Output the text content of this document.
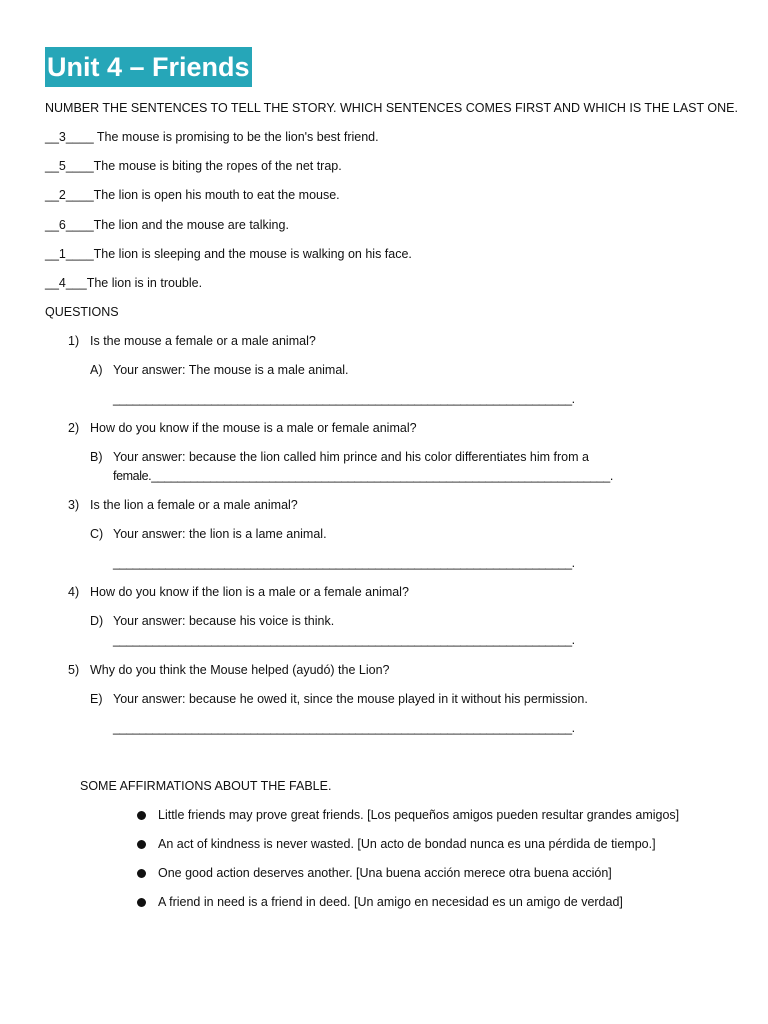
Unit 4 – Friends
NUMBER THE SENTENCES TO TELL THE STORY. WHICH SENTENCES COMES FIRST AND WHICH IS THE LAST ONE.
__3____ The mouse is promising to be the lion's best friend.
__5____The mouse is biting the ropes of the net trap.
__2____The lion is open his mouth to eat the mouse.
__6____The lion and the mouse are talking.
__1____The lion is sleeping and the mouse is walking on his face.
__4___The lion is in trouble.
QUESTIONS
1) Is the mouse a female or a male animal?
A) Your answer: The mouse is a male animal.
______________________________________________________________________.
2) How do you know if the mouse is a male or female animal?
B) Your answer: because the lion called him prince and his color differentiates him from a
female.______________________________________________________________________.
3) Is the lion a female or a male animal?
C) Your answer: the lion is a lame animal.
______________________________________________________________________.
4) How do you know if the lion is a male or a female animal?
D) Your answer: because his voice is think.
______________________________________________________________________.
5) Why do you think the Mouse helped (ayudó) the Lion?
E) Your answer: because he owed it, since the mouse played in it without his permission.
______________________________________________________________________.
SOME AFFIRMATIONS ABOUT THE FABLE.
Little friends may prove great friends. [Los pequeños amigos pueden resultar grandes amigos]
An act of kindness is never wasted. [Un acto de bondad nunca es una pérdida de tiempo.]
One good action deserves another. [Una buena acción merece otra buena acción]
A friend in need is a friend in deed. [Un amigo en necesidad es un amigo de verdad]
